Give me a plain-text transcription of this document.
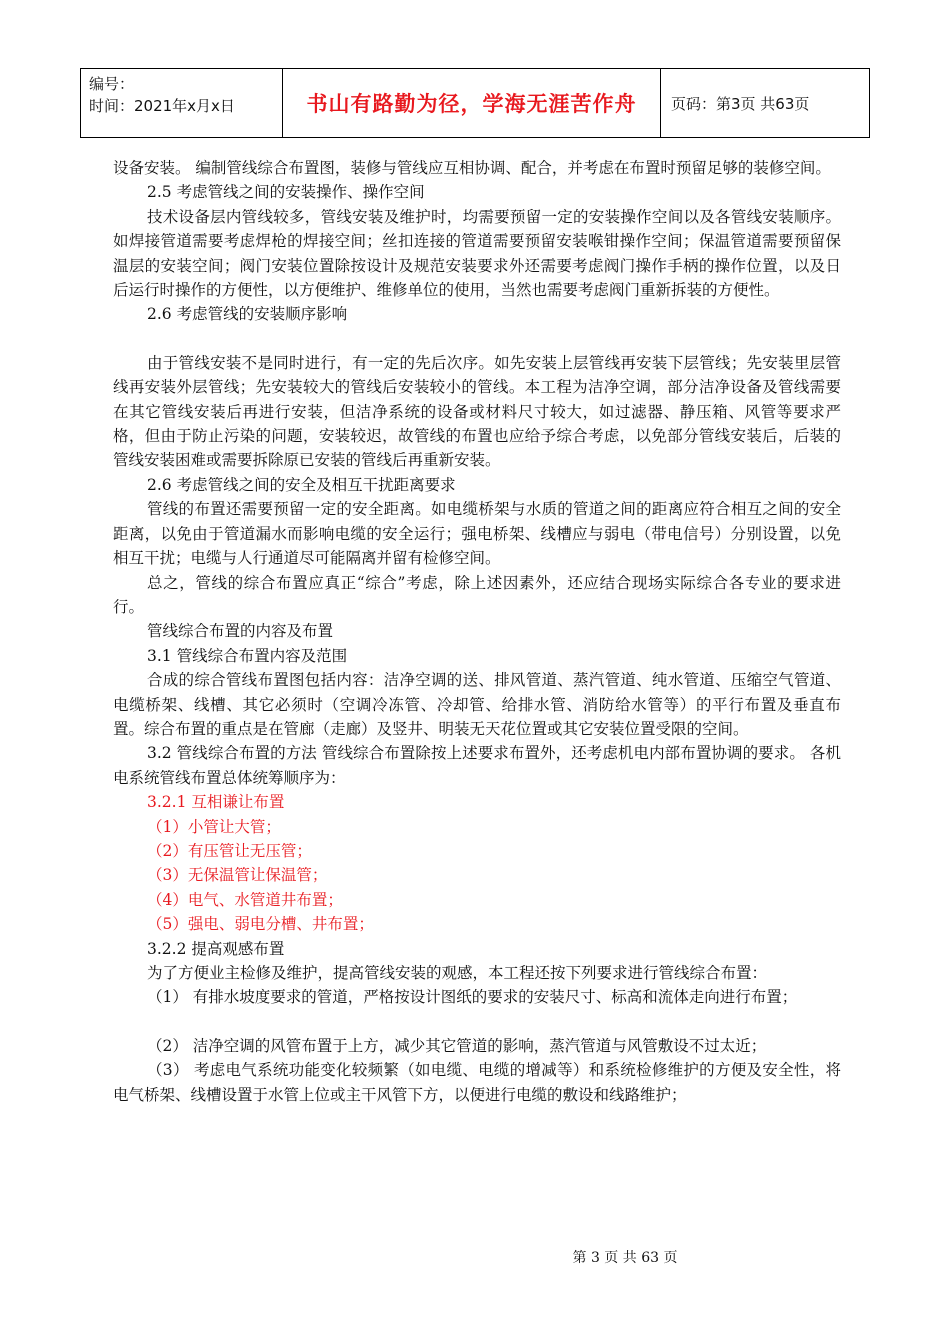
编号：
时间：2021年x月x日	书山有路勤为径，学海无涯苦作舟 页码：第3页 共63页

设备安装。 编制管线综合布置图，装修与管线应互相协调、配合，并考虑在布置时预留足够的装修空间。

2.5 考虑管线之间的安装操作、操作空间

技术设备层内管线较多，管线安装及维护时，均需要预留一定的安装操作空间以及各管线安装顺序。如焊接管道需要考虑焊枪的焊接空间；丝扣连接的管道需要预留安装喉钳操作空间；保温管道需要预留保温层的安装空间；阀门安装位置除按设计及规范安装要求外还需要考虑阀门操作手柄的操作位置，以及日后运行时操作的方便性，以方便维护、维修单位的使用，当然也需要考虑阀门重新拆装的方便性。

2.6 考虑管线的安装顺序影响

由于管线安装不是同时进行，有一定的先后次序。如先安装上层管线再安装下层管线；先安装里层管线再安装外层管线；先安装较大的管线后安装较小的管线。本工程为洁净空调，部分洁净设备及管线需要在其它管线安装后再进行安装，但洁净系统的设备或材料尺寸较大，如过滤器、静压箱、风管等要求严格，但由于防止污染的问题，安装较迟，故管线的布置也应给予综合考虑，以免部分管线安装后，后装的管线安装困难或需要拆除原已安装的管线后再重新安装。

2.6 考虑管线之间的安全及相互干扰距离要求

管线的布置还需要预留一定的安全距离。如电缆桥架与水质的管道之间的距离应符合相互之间的安全距离，以免由于管道漏水而影响电缆的安全运行；强电桥架、线槽应与弱电（带电信号）分别设置，以免相互干扰；电缆与人行通道尽可能隔离并留有检修空间。

总之，管线的综合布置应真正“综合”考虑，除上述因素外，还应结合现场实际综合各专业的要求进行。

管线综合布置的内容及布置

3.1 管线综合布置内容及范围

合成的综合管线布置图包括内容：洁净空调的送、排风管道、蒸汽管道、纯水管道、压缩空气管道、电缆桥架、线槽、其它必须时（空调冷冻管、冷却管、给排水管、消防给水管等）的平行布置及垂直布置。综合布置的重点是在管廊（走廊）及竖井、明装无天花位置或其它安装位置受限的空间。

3.2 管线综合布置的方法 管线综合布置除按上述要求布置外，还考虑机电内部布置协调的要求。 各机电系统管线布置总体统筹顺序为：

3.2.1 互相谦让布置

（1）小管让大管；

（2）有压管让无压管；

（3）无保温管让保温管；

（4）电气、水管道井布置；

（5）强电、弱电分槽、井布置；

3.2.2 提高观感布置

为了方便业主检修及维护，提高管线安装的观感，本工程还按下列要求进行管线综合布置：

（1） 有排水坡度要求的管道，严格按设计图纸的要求的安装尺寸、标高和流体走向进行布置；

（2） 洁净空调的风管布置于上方，减少其它管道的影响，蒸汽管道与风管敷设不过太近；

（3） 考虑电气系统功能变化较频繁（如电缆、电缆的增减等）和系统检修维护的方便及安全性，将电气桥架、线槽设置于水管上位或主干风管下方，以便进行电缆的敷设和线路维护；

第 3 页 共 63 页
